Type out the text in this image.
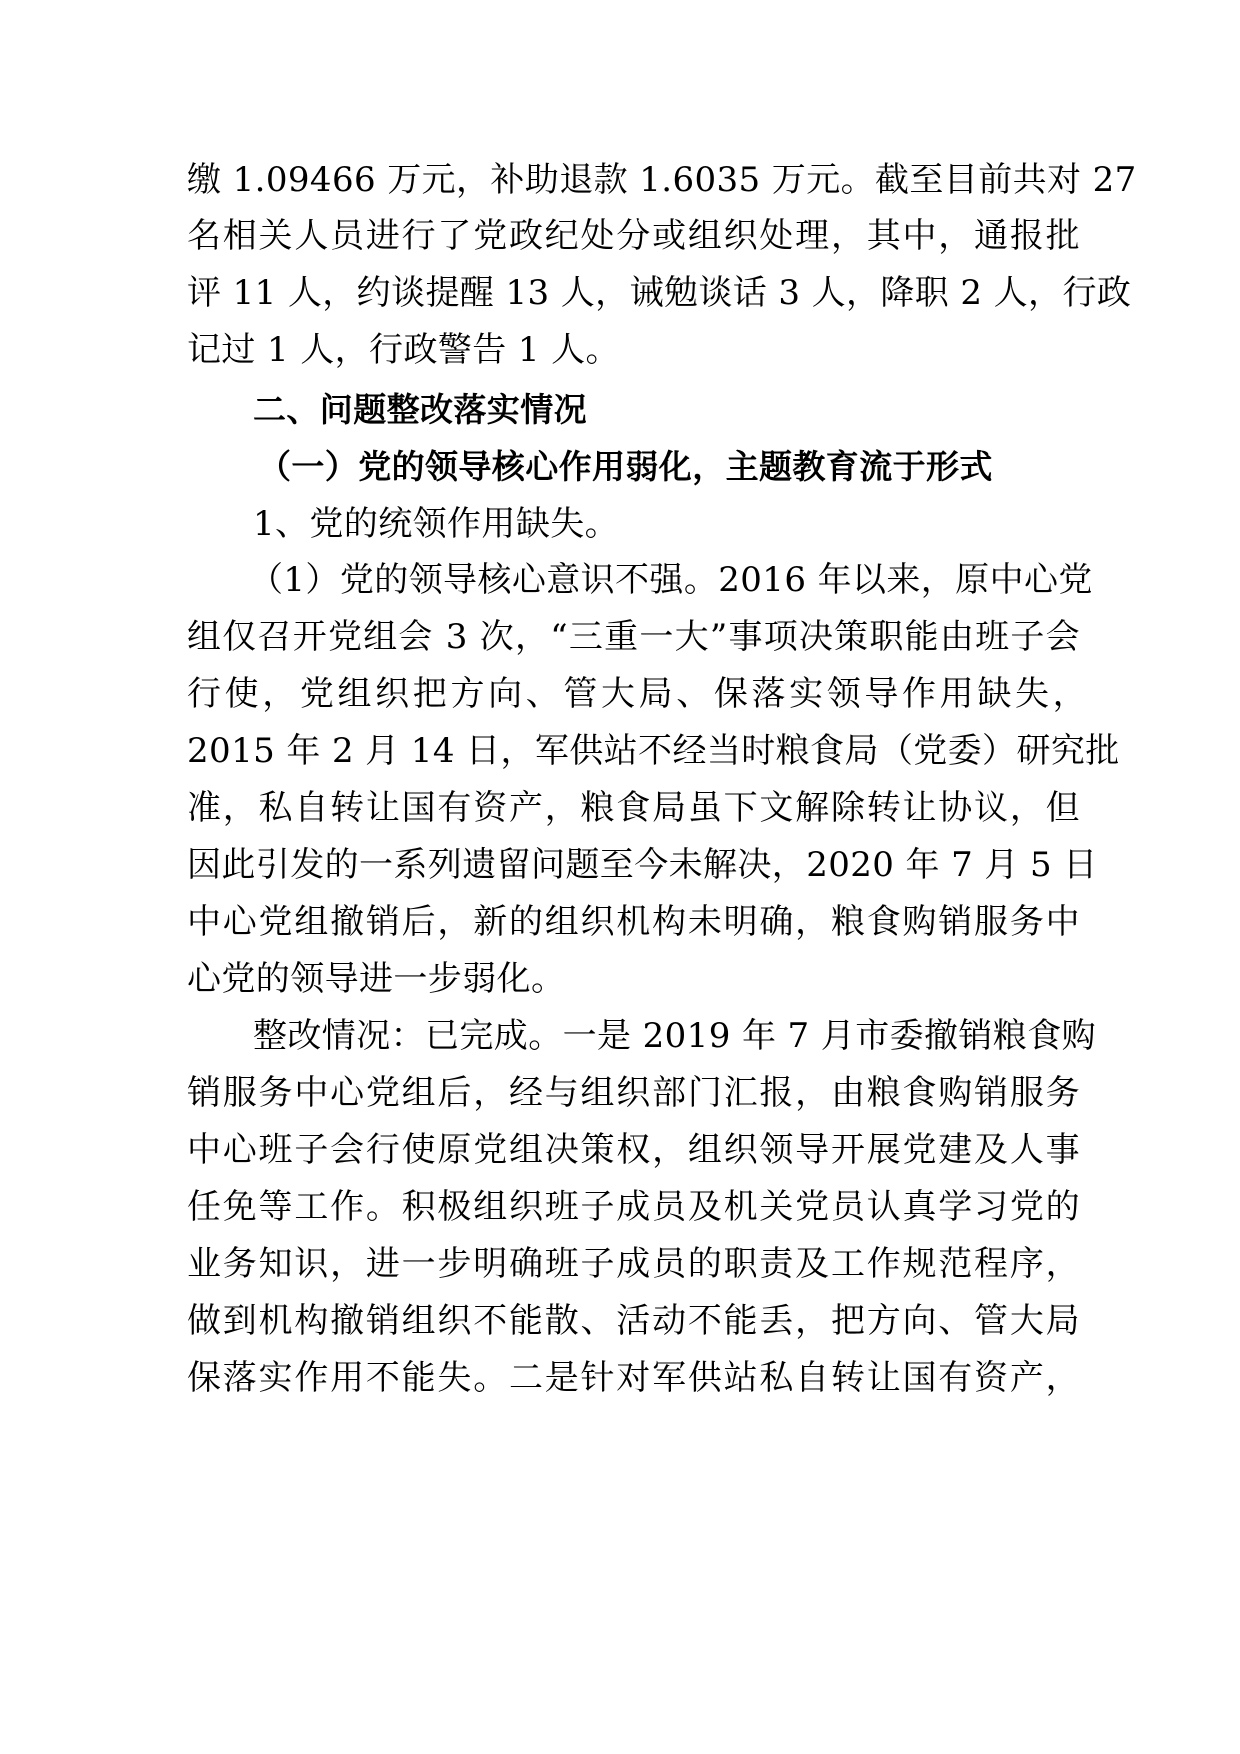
缴 1.09466 万元，补助退款 1.6035 万元。截至目前共对 27
名相关人员进行了党政纪处分或组织处理，其中，通报批
评 11 人，约谈提醒 13 人，诫勉谈话 3 人，降职 2 人，行政
记过 1 人，行政警告 1 人。
二、问题整改落实情况
（一）党的领导核心作用弱化，主题教育流于形式
1、党的统领作用缺失。
（1）党的领导核心意识不强。2016 年以来，原中心党
组仅召开党组会 3 次，“三重一大”事项决策职能由班子会
行使，党组织把方向、管大局、保落实领导作用缺失，
2015 年 2 月 14 日，军供站不经当时粮食局（党委）研究批
准，私自转让国有资产，粮食局虽下文解除转让协议，但
因此引发的一系列遗留问题至今未解决，2020 年 7 月 5 日
中心党组撤销后，新的组织机构未明确，粮食购销服务中
心党的领导进一步弱化。
整改情况：已完成。一是 2019 年 7 月市委撤销粮食购
销服务中心党组后，经与组织部门汇报，由粮食购销服务
中心班子会行使原党组决策权，组织领导开展党建及人事
任免等工作。积极组织班子成员及机关党员认真学习党的
业务知识，进一步明确班子成员的职责及工作规范程序，
做到机构撤销组织不能散、活动不能丢，把方向、管大局
保落实作用不能失。二是针对军供站私自转让国有资产，
